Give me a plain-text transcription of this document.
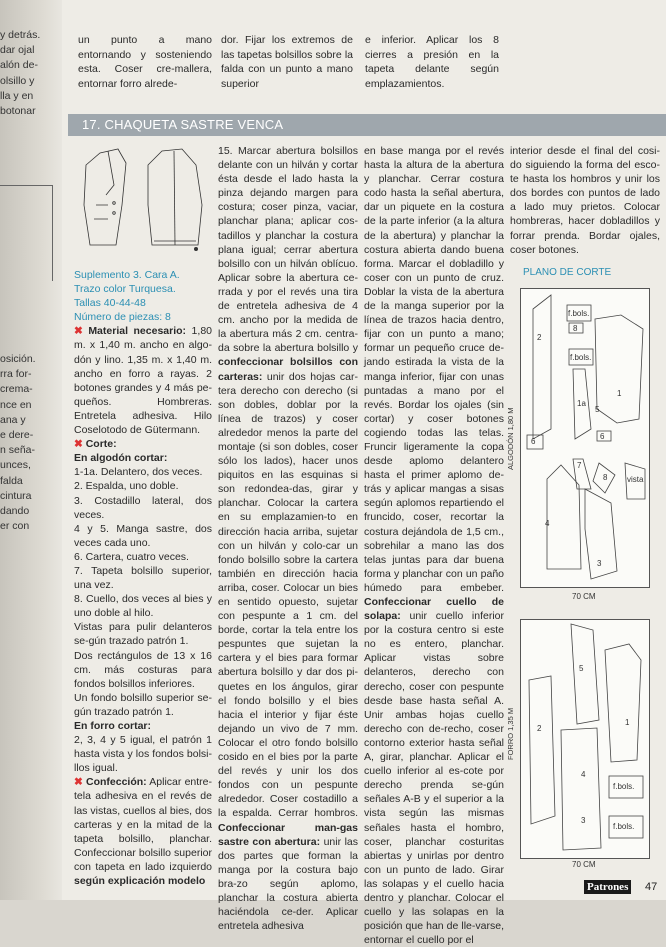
y detrás.
dar ojal
alón de-
olsillo y
lla y en
botonar
osición.
rra for-
crema-
nce en
ana y
e dere-
n seña-
unces,
falda
cintura
dando
er con

un punto a mano entornando y sosteniendo esta. Coser cre-mallera, entornar forro alrede-

dor. Fijar los extremos de las tapetas bolsillos sobre la falda con un punto a mano superior

e inferior. Aplicar los 8 cierres a presión en la tapeta delante según emplazamientos.

17. CHAQUETA SASTRE VENCA

Suplemento 3. Cara A.

Trazo color Turquesa.

Tallas 40-44-48

Número de piezas: 8

✖ Material necesario: 1,80 m. x 1,40 m. ancho en algo-dón y lino. 1,35 m. x 1,40 m. ancho en forro a rayas. 2 botones grandes y 4 más pe-queños. Hombreras. Entretela adhesiva. Hilo Coselotodo de Gütermann.

✖ Corte:

En algodón cortar:

1-1a. Delantero, dos veces.

2. Espalda, uno doble.

3. Costadillo lateral, dos veces.

4 y 5. Manga sastre, dos veces cada uno.

6. Cartera, cuatro veces.

7. Tapeta bolsillo superior, una vez.

8. Cuello, dos veces al bies y uno doble al hilo.

Vistas para pulir delanteros se-gún trazado patrón 1.

Dos rectángulos de 13 x 16 cm. más costuras para fondos bolsillos inferiores.

Un fondo bolsillo superior se-gún trazado patrón 1.

En forro cortar:

2, 3, 4 y 5 igual, el patrón 1 hasta vista y los fondos bolsi-llos igual.

✖ Confección: Aplicar entre-tela adhesiva en el revés de las vistas, cuellos al bies, dos carteras y en la mitad de la tapeta bolsillo, planchar. Confeccionar bolsillo superior con tapeta en lado izquierdo según explicación modelo

15. Marcar abertura bolsillos delante con un hilván y cortar ésta desde el lado hasta la pinza dejando margen para costura; coser pinza, vaciar, planchar plana; aplicar cos-tadillos y planchar la costura plana igual; cerrar abertura bolsillo con un hilván oblícuo. Aplicar sobre la abertura ce-rrada y por el revés una tira de entretela adhesiva de 4 cm. ancho por la medida de la abertura más 2 cm. centra-da sobre la abertura bolsillo y confeccionar bolsillos con carteras: unir dos hojas car-tera derecho con derecho (si son dobles, doblar por la línea de trazos) y coser alrededor menos la parte del montaje (si son dobles, coser sólo los lados), hacer unos piquitos en las esquinas si son redondea-das, girar y planchar. Colocar la cartera en su emplazamien-to en dirección hacia arriba, sujetar con un hilván y colo-car un fondo bolsillo sobre la cartera también en dirección hacia arriba, coser. Colocar un bies en sentido opuesto, sujetar con pespunte a 1 cm. del borde, cortar la tela entre los pespuntes que sujetan la cartera y el bies para formar abertura bolsillo y dar dos pi-quetes en los ángulos, girar el fondo bolsillo y el bies hacia el interior y fijar éste dejando un vivo de 7 mm. Colocar el otro fondo bolsillo cosido en el bies por la parte del revés y unir los dos fondos con un pespunte alrededor. Coser costadillo a la espalda. Cerrar hombros. Confeccionar man-gas sastre con abertura: unir las dos partes que forman la manga por la costura bajo bra-zo según aplomo, planchar la costura abierta haciéndola ce-der. Aplicar entretela adhesiva

en base manga por el revés hasta la altura de la abertura y planchar. Cerrar costura codo hasta la señal abertura, dar un piquete en la costura de la parte inferior (a la altura de la abertura) y planchar la costura abierta dando buena forma. Marcar el dobladillo y coser con un punto de cruz. Doblar la vista de la abertura de la manga superior por la línea de trazos hacia dentro, fijar con un punto a mano; formar un pequeño cruce de-jando estirada la vista de la manga inferior, fijar con unas puntadas a mano por el revés. Bordar los ojales (sin cortar) y coser botones cogiendo todas las telas. Fruncir ligeramente la copa desde aplomo delantero hasta el primer aplomo de-trás y aplicar mangas a sisas según aplomos repartiendo el fruncido, coser, recortar la costura dejándola de 1,5 cm., sobrehilar a mano las dos telas juntas para dar buena forma y planchar con un paño húmedo para embeber. Confeccionar cuello de solapa: unir cuello inferior por la costura centro si este no es entero, planchar. Aplicar vistas sobre delanteros, derecho con derecho, coser con pespunte desde base hasta señal A. Unir ambas hojas cuello derecho con de-recho, coser contorno exterior hasta señal A, girar, planchar. Aplicar el cuello inferior al es-cote por derecho prenda se-gún señales A-B y el superior a la vista según las mismas señales hasta el hombro, coser, planchar costuritas abiertas y unirlas por dentro con un punto de lado. Girar las solapas y el cuello hacia dentro y planchar. Colocar el cuello y las solapas en la posición que han de lle-varse, entornar el cuello por el

interior desde el final del cosi-do siguiendo la forma del esco-te hasta los hombros y unir los dos bordes con puntos de lado a lado muy prietos. Colocar hombreras, hacer dobladillos y forrar prenda. Bordar ojales, coser botones.

PLANO DE CORTE
f.bols.
8
f.bols.
7
6
8
6
vista
2
1a
1
5
4
3
ALGODÓN 1,80 M
70 CM
5
1
2
4
3
f.bols.
f.bols.
FORRO 1,35 M
70 CM
Patrones 47
